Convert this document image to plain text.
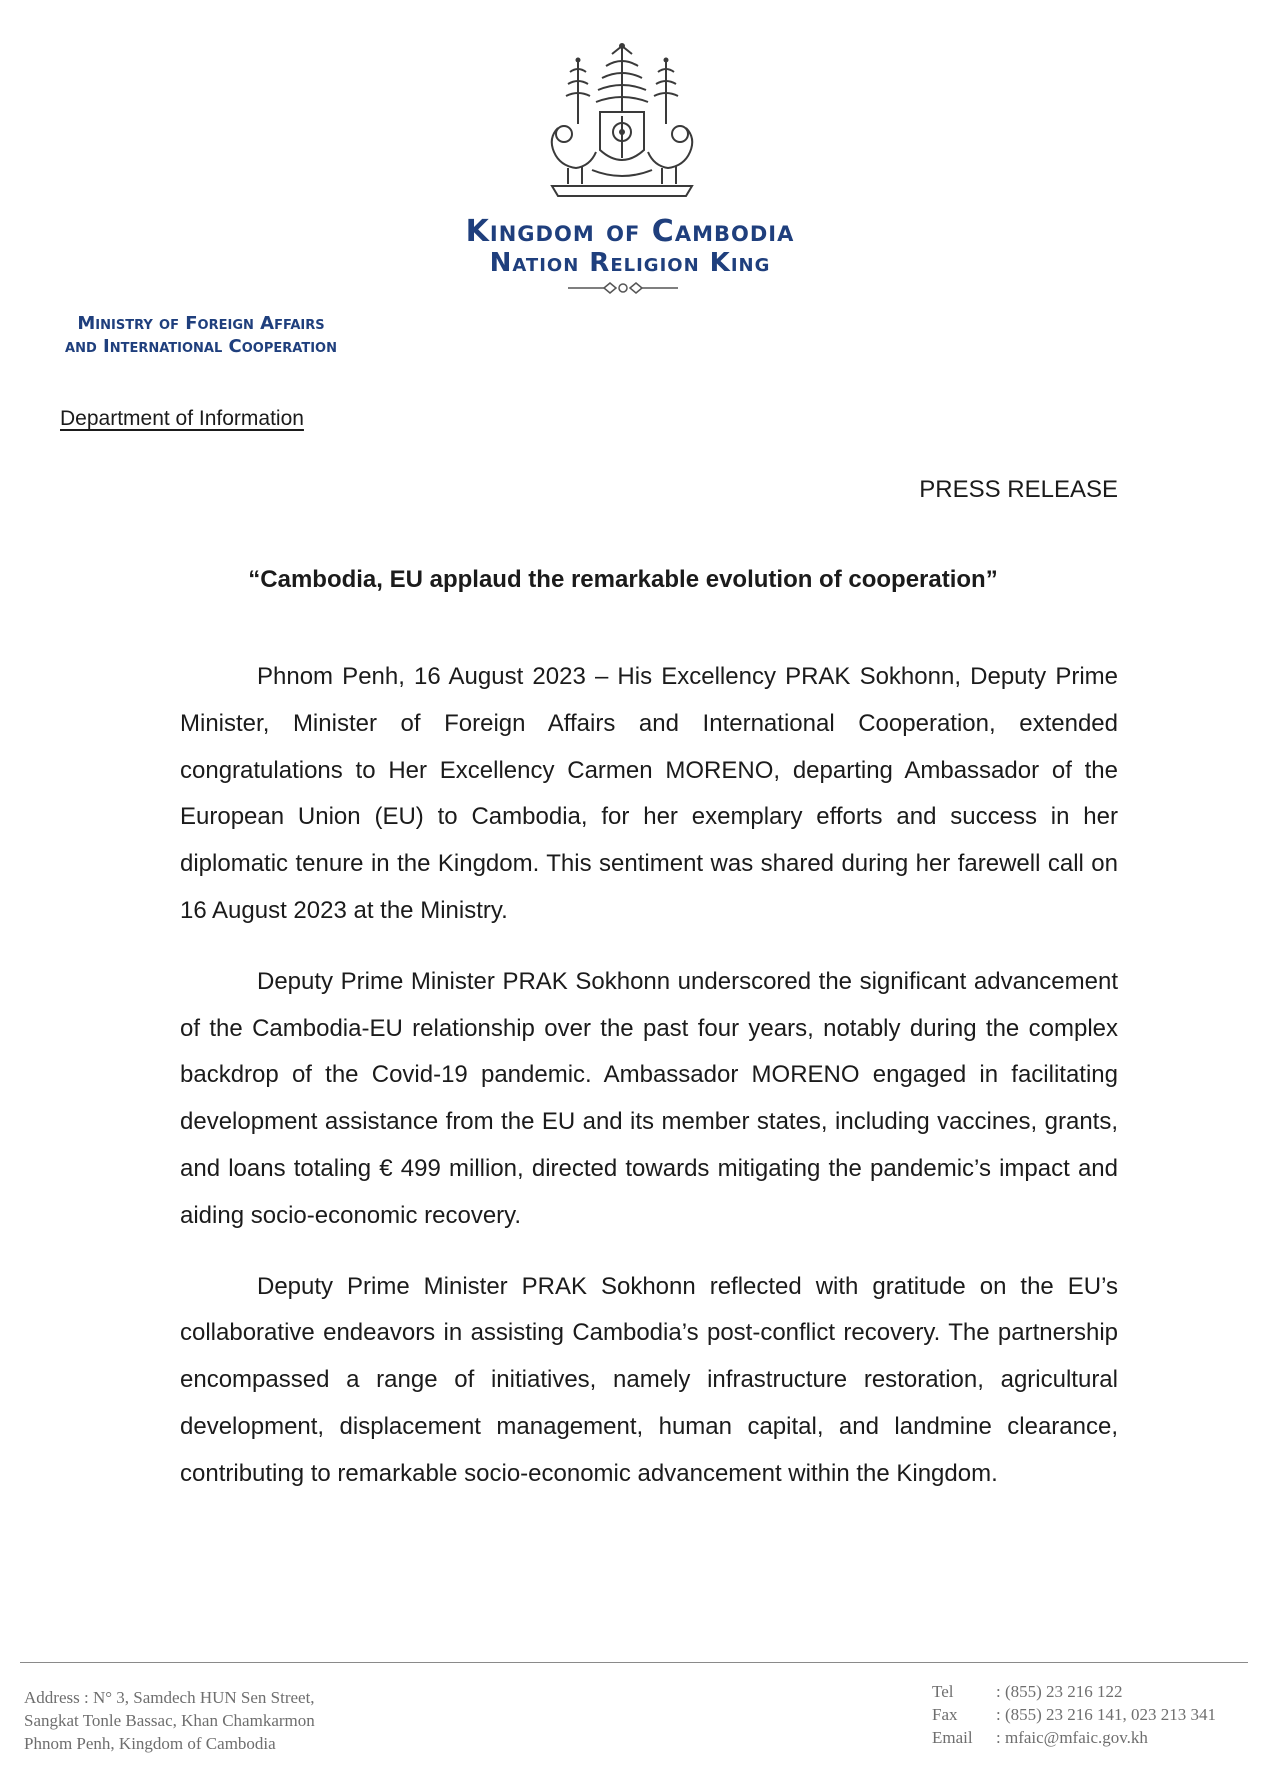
Kingdom of Cambodia
Nation Religion King
Ministry of Foreign Affairs
and International Cooperation
Department of Information
PRESS RELEASE
“Cambodia, EU applaud the remarkable evolution of cooperation”

Phnom Penh, 16 August 2023 – His Excellency PRAK Sokhonn, Deputy Prime Minister, Minister of Foreign Affairs and International Cooperation, extended congratulations to Her Excellency Carmen MORENO, departing Ambassador of the European Union (EU) to Cambodia, for her exemplary efforts and success in her diplomatic tenure in the Kingdom. This sentiment was shared during her farewell call on 16 August 2023 at the Ministry.

Deputy Prime Minister PRAK Sokhonn underscored the significant advancement of the Cambodia-EU relationship over the past four years, notably during the complex backdrop of the Covid-19 pandemic. Ambassador MORENO engaged in facilitating development assistance from the EU and its member states, including vaccines, grants, and loans totaling € 499 million, directed towards mitigating the pandemic’s impact and aiding socio-economic recovery.

Deputy Prime Minister PRAK Sokhonn reflected with gratitude on the EU’s collaborative endeavors in assisting Cambodia’s post-conflict recovery. The partnership encompassed a range of initiatives, namely infrastructure restoration, agricultural development, displacement management, human capital, and landmine clearance, contributing to remarkable socio-economic advancement within the Kingdom.

Address : N° 3, Samdech HUN Sen Street,
Sangkat Tonle Bassac, Khan Chamkarmon
Phnom Penh, Kingdom of Cambodia
Tel	: (855) 23 216 122
Fax : (855) 23 216 141, 023 213 341
Email : mfaic@mfaic.gov.kh
